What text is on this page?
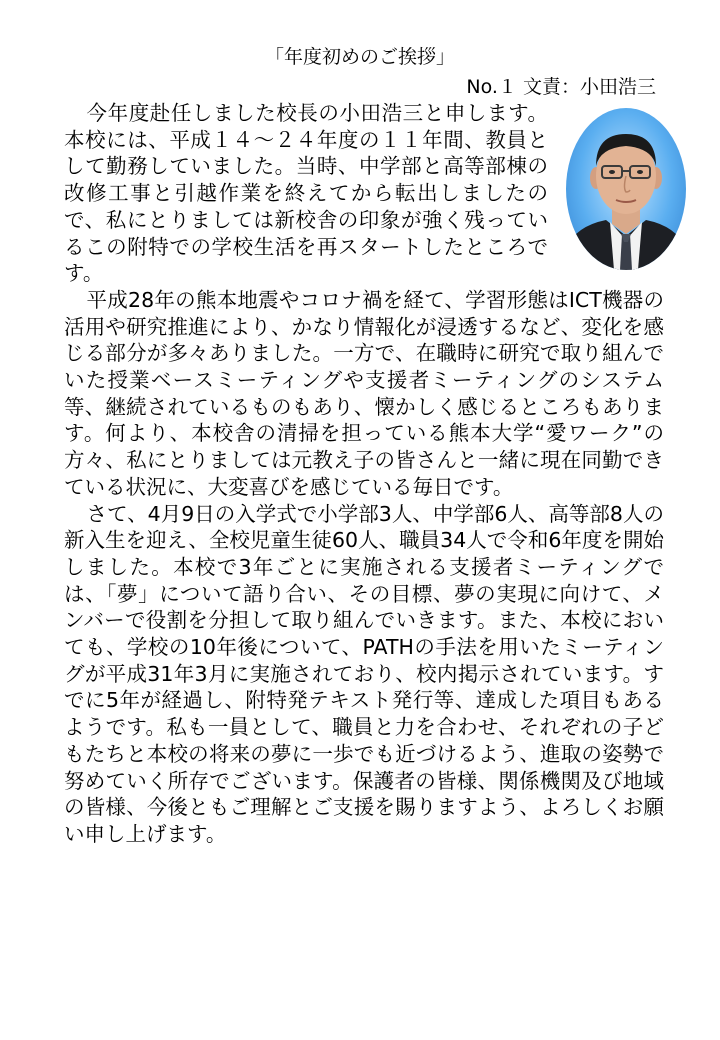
「年度初めのご挨拶」
No.１ 文責：小田浩三

今年度赴任しました校長の小田浩三と申します。本校には、平成１４～２４年度の１１年間、教員として勤務していました。当時、中学部と高等部棟の改修工事と引越作業を終えてから転出しましたので、私にとりましては新校舎の印象が強く残っているこの附特での学校生活を再スタートしたところです。

平成28年の熊本地震やコロナ禍を経て、学習形態はICT機器の活用や研究推進により、かなり情報化が浸透するなど、変化を感じる部分が多々ありました。一方で、在職時に研究で取り組んでいた授業ベースミーティングや支援者ミーティングのシステム等、継続されているものもあり、懐かしく感じるところもあります。何より、本校舎の清掃を担っている熊本大学“愛ワーク”の方々、私にとりましては元教え子の皆さんと一緒に現在同勤できている状況に、大変喜びを感じている毎日です。

さて、4月9日の入学式で小学部3人、中学部6人、高等部8人の新入生を迎え、全校児童生徒60人、職員34人で令和6年度を開始しました。本校で3年ごとに実施される支援者ミーティングでは、「夢」について語り合い、その目標、夢の実現に向けて、メンバーで役割を分担して取り組んでいきます。また、本校においても、学校の10年後について、PATHの手法を用いたミーティングが平成31年3月に実施されており、校内掲示されています。すでに5年が経過し、附特発テキスト発行等、達成した項目もあるようです。私も一員として、職員と力を合わせ、それぞれの子どもたちと本校の将来の夢に一歩でも近づけるよう、進取の姿勢で努めていく所存でございます。保護者の皆様、関係機関及び地域の皆様、今後ともご理解とご支援を賜りますよう、よろしくお願い申し上げます。
